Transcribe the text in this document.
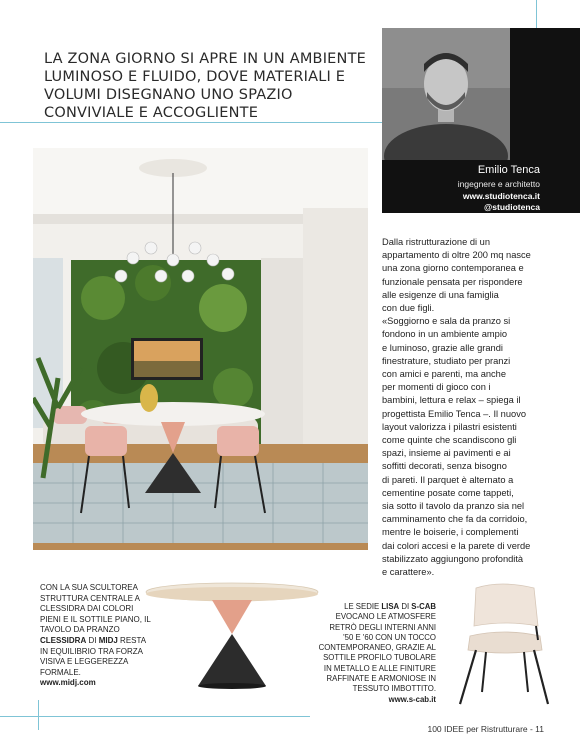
LA ZONA GIORNO SI APRE IN UN AMBIENTE LUMINOSO E FLUIDO, DOVE MATERIALI E VOLUMI DISEGNANO UNO SPAZIO CONVIVIALE E ACCOGLIENTE
Emilio Tenca
ingegnere e architetto
www.studiotenca.it
@studiotenca
Dalla ristrutturazione di un
appartamento di oltre 200 mq nasce
una zona giorno contemporanea e
funzionale pensata per rispondere
alle esigenze di una famiglia
con due figli.
«Soggiorno e sala da pranzo si
fondono in un ambiente ampio
e luminoso, grazie alle grandi
finestrature, studiato per pranzi
con amici e parenti, ma anche
per momenti di gioco con i
bambini, lettura e relax – spiega il
progettista Emilio Tenca –. Il nuovo
layout valorizza i pilastri esistenti
come quinte che scandiscono gli
spazi, insieme ai pavimenti e ai
soffitti decorati, senza bisogno
di pareti. Il parquet è alternato a
cementine posate come tappeti,
sia sotto il tavolo da pranzo sia nel
camminamento che fa da corridoio,
mentre le boiserie, i complementi
dai colori accesi e la parete di verde
stabilizzato aggiungono profondità
e carattere».
CON LA SUA SCULTOREA STRUTTURA CENTRALE A CLESSIDRA DAI COLORI PIENI E IL SOTTILE PIANO, IL TAVOLO DA PRANZO CLESSIDRA DI MIDJ RESTA IN EQUILIBRIO TRA FORZA VISIVA E LEGGEREZZA FORMALE.
www.midj.com
LE SEDIE LISA DI S-CAB EVOCANO LE ATMOSFERE RETRÒ DEGLI INTERNI ANNI '50 E '60 CON UN TOCCO CONTEMPORANEO, GRAZIE AL SOTTILE PROFILO TUBOLARE IN METALLO E ALLE FINITURE RAFFINATE E ARMONIOSE IN TESSUTO IMBOTTITO.
www.s-cab.it
100 IDEE per Ristrutturare - 11
